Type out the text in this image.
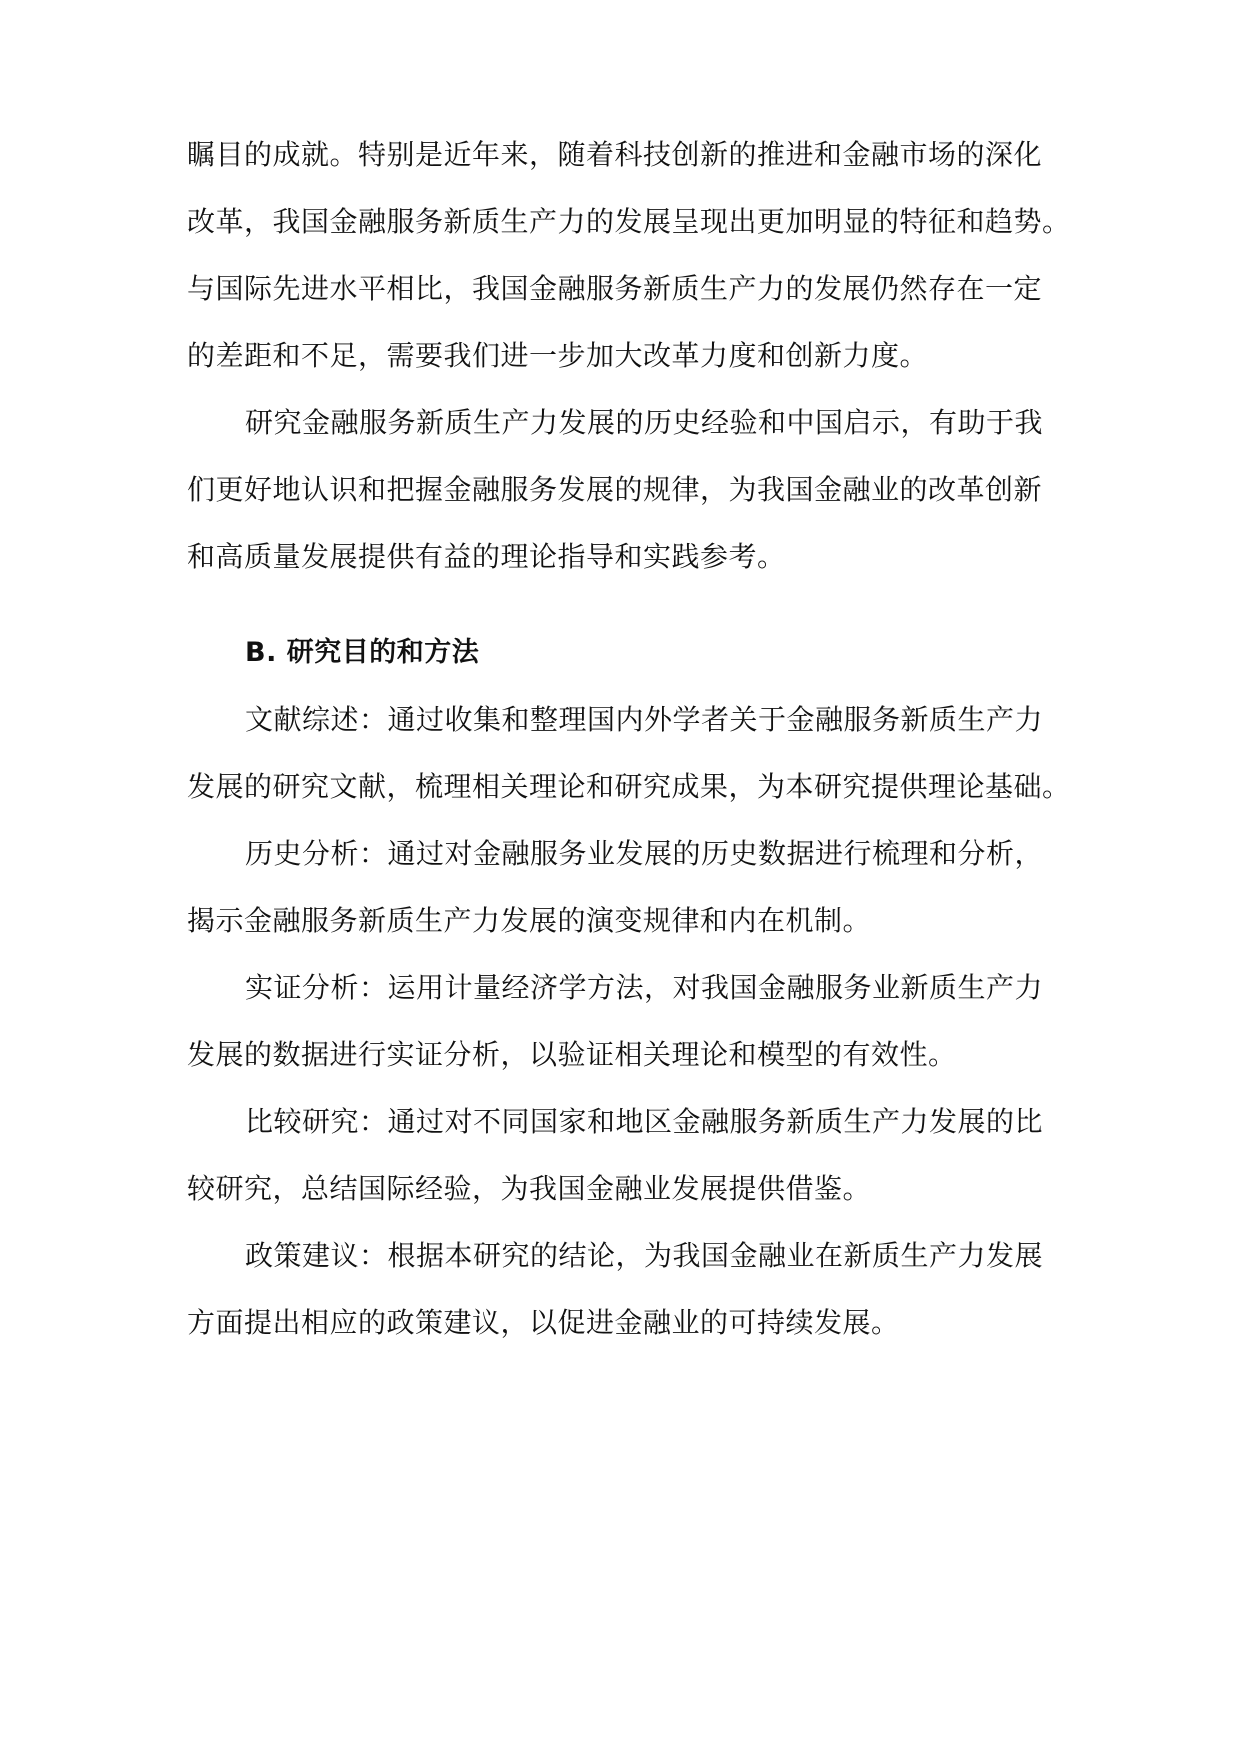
瞩目的成就。特别是近年来，随着科技创新的推进和金融市场的深化
改革，我国金融服务新质生产力的发展呈现出更加明显的特征和趋势。
与国际先进水平相比，我国金融服务新质生产力的发展仍然存在一定
的差距和不足，需要我们进一步加大改革力度和创新力度。
研究金融服务新质生产力发展的历史经验和中国启示，有助于我
们更好地认识和把握金融服务发展的规律，为我国金融业的改革创新
和高质量发展提供有益的理论指导和实践参考。
B. 研究目的和方法
文献综述：通过收集和整理国内外学者关于金融服务新质生产力
发展的研究文献，梳理相关理论和研究成果，为本研究提供理论基础。
历史分析：通过对金融服务业发展的历史数据进行梳理和分析，
揭示金融服务新质生产力发展的演变规律和内在机制。
实证分析：运用计量经济学方法，对我国金融服务业新质生产力
发展的数据进行实证分析，以验证相关理论和模型的有效性。
比较研究：通过对不同国家和地区金融服务新质生产力发展的比
较研究，总结国际经验，为我国金融业发展提供借鉴。
政策建议：根据本研究的结论，为我国金融业在新质生产力发展
方面提出相应的政策建议，以促进金融业的可持续发展。
